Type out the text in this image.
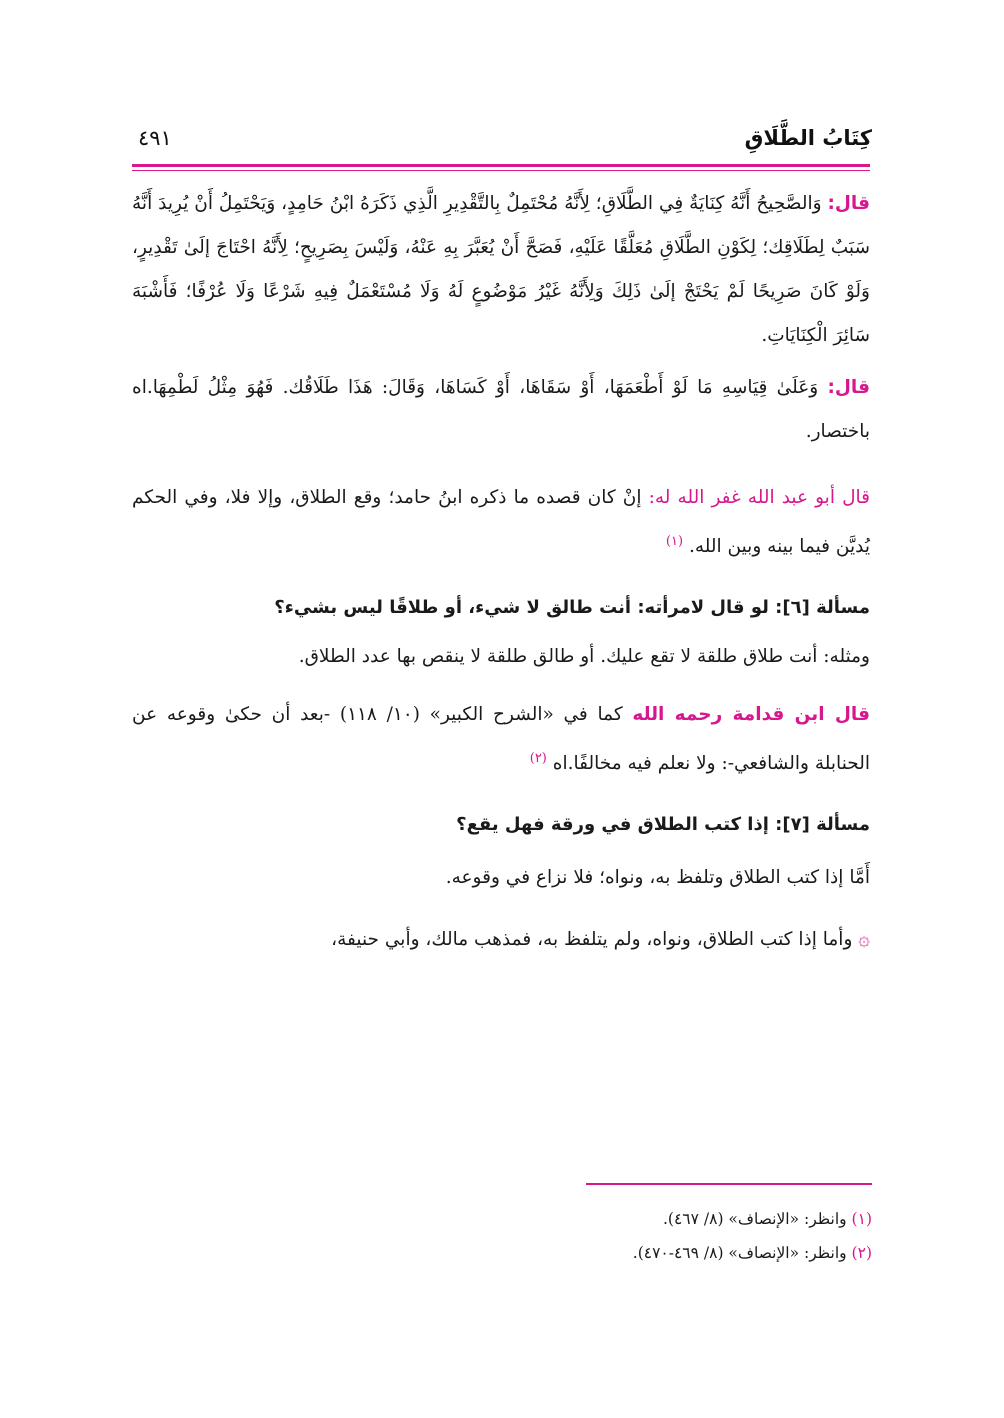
كِتَابُ الطَّلَاقِ
٤٩١

قال: وَالصَّحِيحُ أَنَّهُ كِنَايَةٌ فِي الطَّلَاقِ؛ لِأَنَّهُ مُحْتَمِلٌ بِالتَّقْدِيرِ الَّذِي ذَكَرَهُ ابْنُ حَامِدٍ، وَيَحْتَمِلُ أَنْ يُرِيدَ أَنَّهُ سَبَبٌ لِطَلَاقِك؛ لِكَوْنِ الطَّلَاقِ مُعَلَّقًا عَلَيْهِ، فَصَحَّ أَنْ يُعَبَّرَ بِهِ عَنْهُ، وَلَيْسَ بِصَرِيحٍ؛ لِأَنَّهُ احْتَاجَ إلَىٰ تَقْدِيرٍ، وَلَوْ كَانَ صَرِيحًا لَمْ يَحْتَجْ إلَىٰ ذَلِكَ وَلِأَنَّهُ غَيْرُ مَوْضُوعٍ لَهُ وَلَا مُسْتَعْمَلٌ فِيهِ شَرْعًا وَلَا عُرْفًا؛ فَأَشْبَهَ سَائِرَ الْكِنَايَاتِ.

قال: وَعَلَىٰ قِيَاسِهِ مَا لَوْ أَطْعَمَهَا، أَوْ سَقَاهَا، أَوْ كَسَاهَا، وَقَالَ: هَذَا طَلَاقُك. فَهُوَ مِثْلُ لَطْمِهَا.اه باختصار.

قال أبو عبد الله غفر الله له: إنْ كان قصده ما ذكره ابنُ حامد؛ وقع الطلاق، وإلا فلا، وفي الحكم يُديَّن فيما بينه وبين الله. $^{(١)}$

مسألة [٦]: لو قال لامرأته: أنت طالق لا شيء، أو طلاقًا ليس بشيء؟

ومثله: أنت طلاق طلقة لا تقع عليك. أو طالق طلقة لا ينقص بها عدد الطلاق.

قال ابن قدامة رحمه الله كما في «الشرح الكبير» (١٠/ ١١٨) -بعد أن حكىٰ وقوعه عن الحنابلة والشافعي-: ولا نعلم فيه مخالفًا.اه $^{(٢)}$

مسألة [٧]: إذا كتب الطلاق في ورقة فهل يقع؟

أَمَّا إذا كتب الطلاق وتلفظ به، ونواه؛ فلا نزاع في وقوعه.

۞ وأما إذا كتب الطلاق، ونواه، ولم يتلفظ به، فمذهب مالك، وأبي حنيفة،

(١) وانظر: «الإنصاف» (٨/ ٤٦٧).
(٢) وانظر: «الإنصاف» (٨/ ٤٦٩-٤٧٠).
